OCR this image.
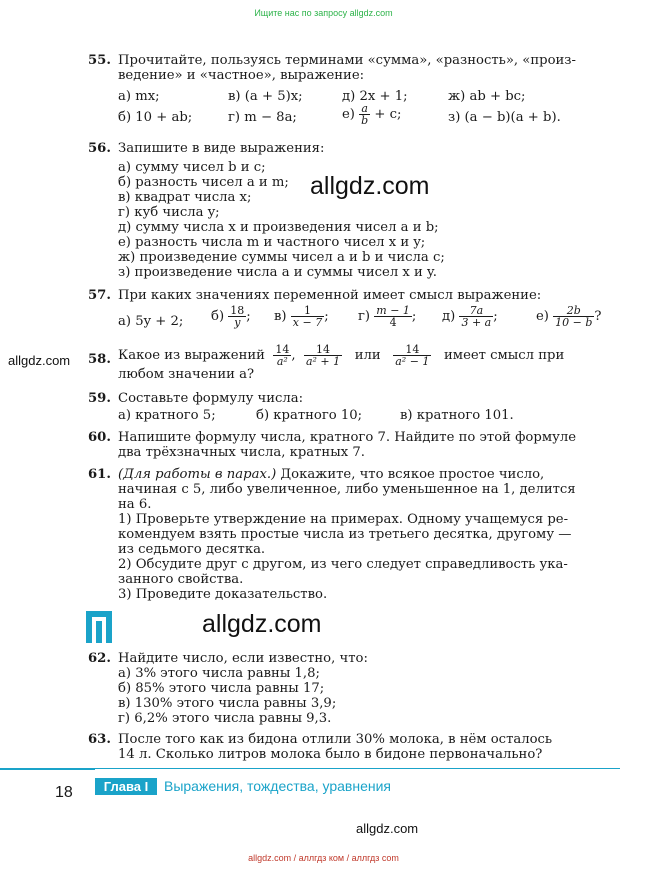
Ищите нас по запросу allgdz.com
55. Прочитайте, пользуясь терминами «сумма», «разность», «произ-
ведение» и «частное», выражение:
а) mx;	в) (a + 5)x;	д) 2x + 1;	ж) ab + bc;
б) 10 + ab;	г) m − 8a;	$е) \frac{a}{b} + c$;	з) (a − b)(a + b).
56. Запишите в виде выражения:
а) сумму чисел b и c;
б) разность чисел a и m;
в) квадрат числа x;
г) куб числа y;
д) сумму числа x и произведения чисел a и b;
е) разность числа m и частного чисел x и y;
ж) произведение суммы чисел a и b и числа c;
з) произведение числа a и суммы чисел x и y.
allgdz.com
57. При каких значениях переменной имеет смысл выражение:
а) 5y + 2; $б) \frac{18}{y}$ ; $в) \frac{1}{x - 7}$ ; $г) \frac{m - 1}{4}$ ; $д) \frac{7a}{3 + a}$ ;	$е) \frac{2b}{10 - b}$ ?
allgdz.com 58. Какое из выражений $\frac{14}{\text{a²}}$ , $\frac{14}{\text{a² + 1}}$ или $\frac{14}{\text{a² − 1}}$ имеет смысл при
любом значении a?
59. Составьте формулу числа:
а) кратного 5;	б) кратного 10;	в) кратного 101.
60. Напишите формулу числа, кратного 7. Найдите по этой формуле
два трёхзначных числа, кратных 7.
61. (Для работы в парах.) Докажите, что всякое простое число,
начиная с 5, либо увеличенное, либо уменьшенное на 1, делится
на 6.
1) Проверьте утверждение на примерах. Одному учащемуся ре-
комендуем взять простые числа из третьего десятка, другому —
из седьмого десятка.
2) Обсудите друг с другом, из чего следует справедливость ука-
занного свойства.
3) Проведите доказательство.
allgdz.com
62. Найдите число, если известно, что:
а) 3% этого числа равны 1,8;
б) 85% этого числа равны 17;
в) 130% этого числа равны 3,9;
г) 6,2% этого числа равны 9,3.
63. После того как из бидона отлили 30% молока, в нём осталось
14 л. Сколько литров молока было в бидоне первоначально?
18	Глава I	Выражения, тождества, уравнения
allgdz.com
allgdz.com / аллгдз ком / аллгдз com
